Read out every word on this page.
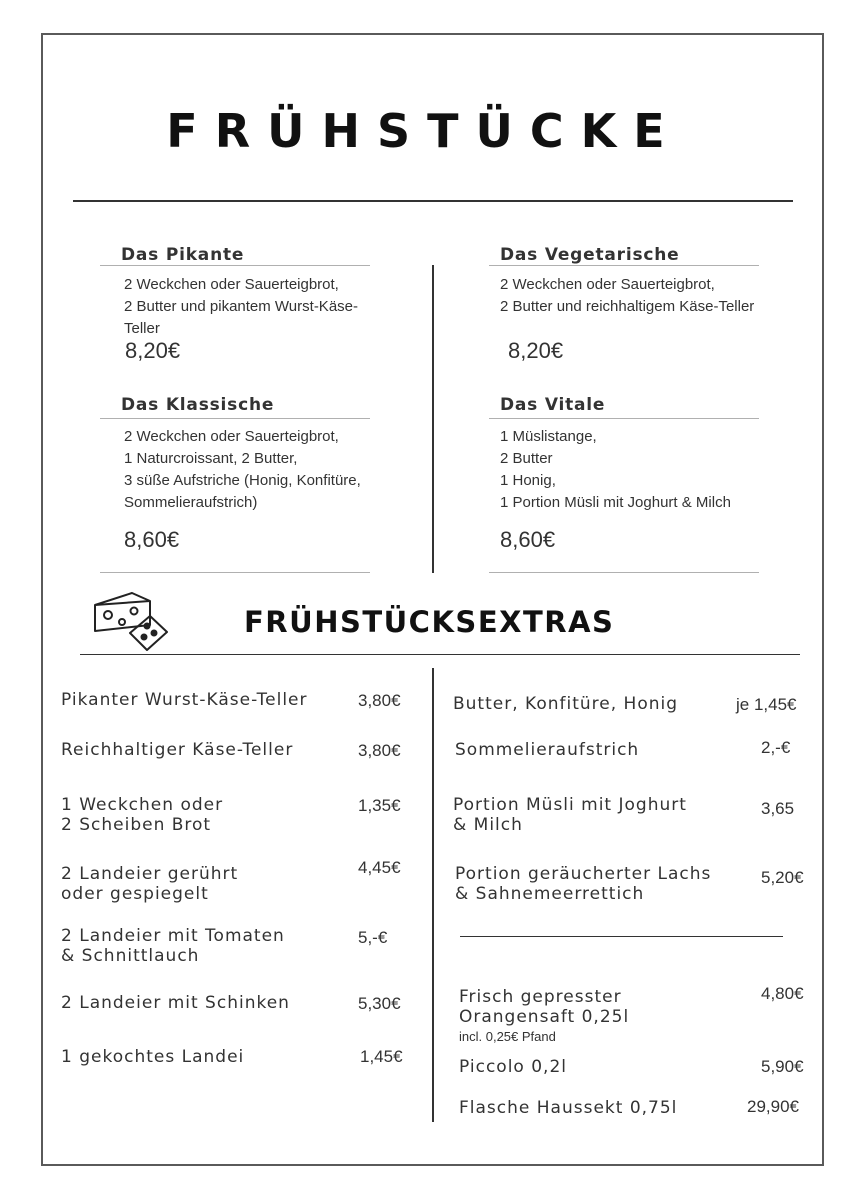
FRÜHSTÜCKE
Das Pikante
2 Weckchen oder Sauerteigbrot,
2 Butter und pikantem Wurst-Käse-
Teller
8,20€
Das Vegetarische
2 Weckchen oder Sauerteigbrot,
2 Butter und reichhaltigem Käse-Teller
8,20€
Das Klassische
2 Weckchen oder Sauerteigbrot,
1 Naturcroissant, 2 Butter,
3 süße Aufstriche (Honig, Konfitüre,
Sommelieraufstrich)
8,60€
Das Vitale
1 Müslistange,
2 Butter
1 Honig,
1 Portion Müsli mit Joghurt & Milch
8,60€
FRÜHSTÜCKSEXTRAS
Pikanter Wurst-Käse-Teller	3,80€
Reichhaltiger Käse-Teller	3,80€
1 Weckchen oder
2 Scheiben Brot
1,35€
2 Landeier gerührt
oder gespiegelt
4,45€
2 Landeier mit Tomaten
& Schnittlauch
5,-€
2 Landeier mit Schinken	5,30€
1 gekochtes Landei	1,45€
Butter, Konfitüre, Honig	je 1,45€
Sommelieraufstrich	2,-€
Portion Müsli mit Joghurt
& Milch
3,65
Portion geräucherter Lachs
& Sahnemeerrettich
5,20€
Frisch gepresster
Orangensaft 0,25l
incl. 0,25€ Pfand
4,80€
Piccolo 0,2l	5,90€
Flasche Haussekt 0,75l	29,90€
